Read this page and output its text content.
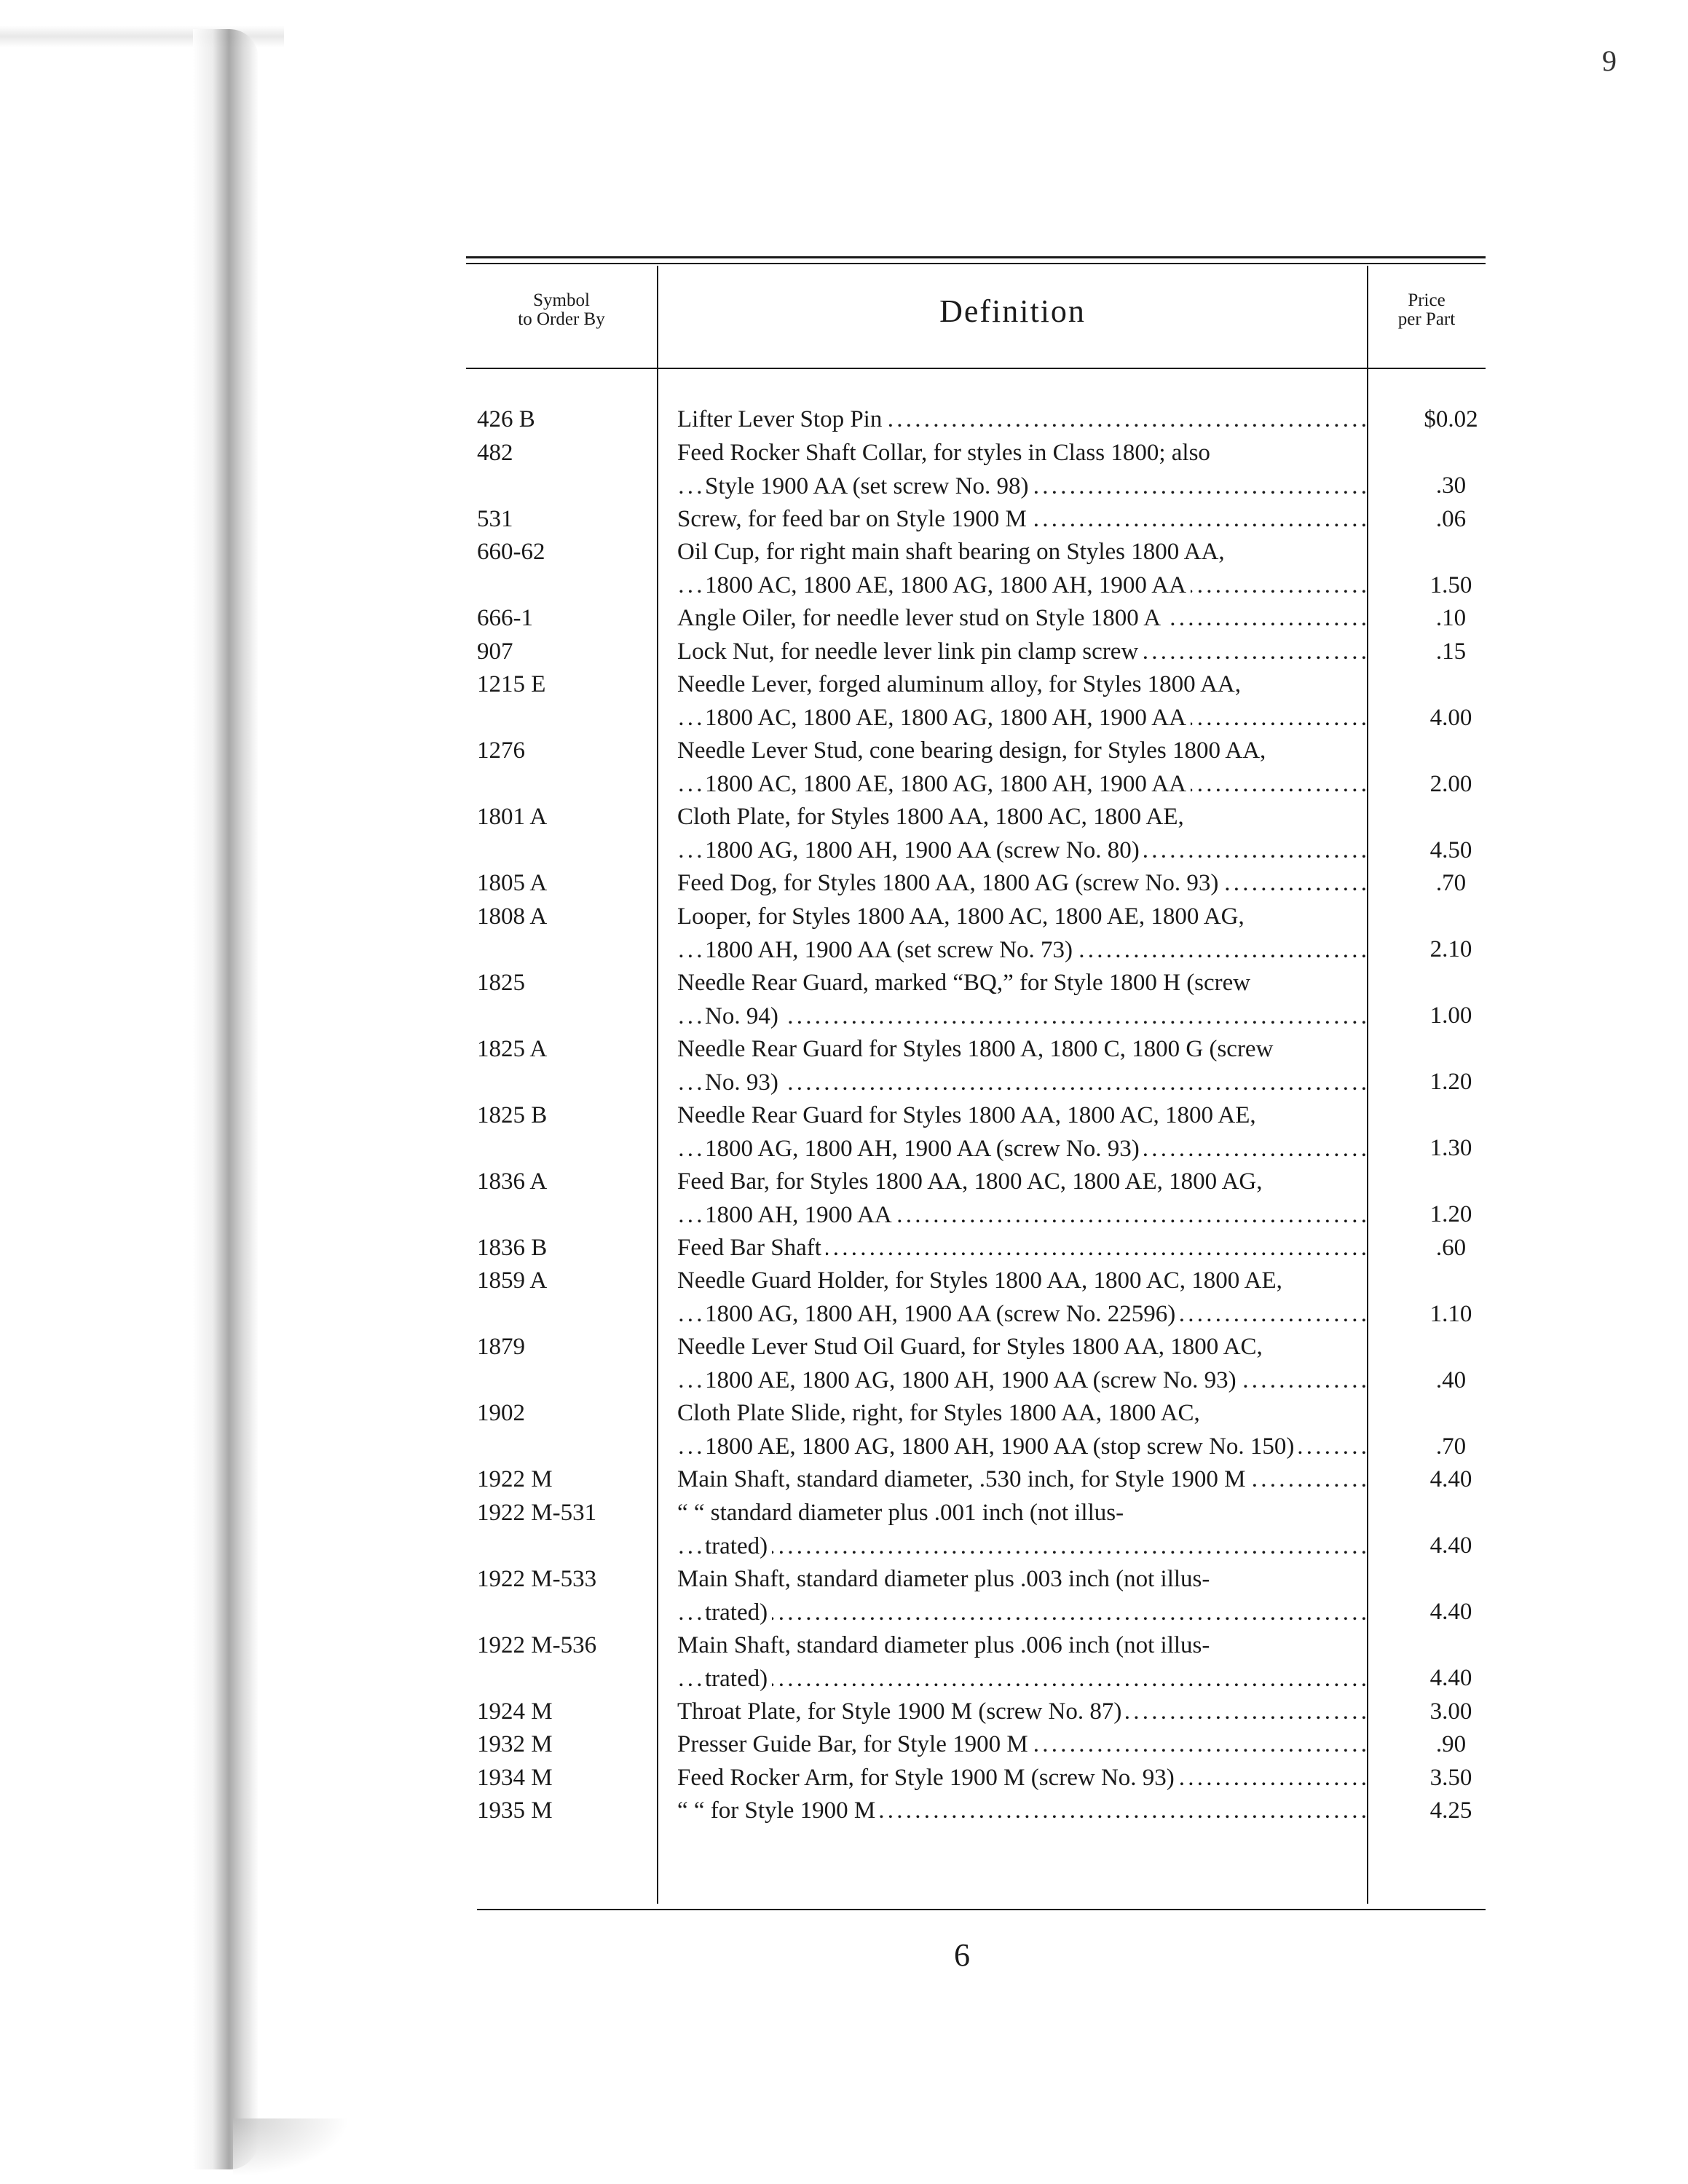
9
Symbol
to Order By	Definition	Price
per Part
426 B	Lifter Lever Stop Pin . . .	$0.02
482	Feed Rocker Shaft Collar, for styles in Class 1800; also
Style 1900 AA (set screw No. 98) . . .	.30
531	Screw, for feed bar on Style 1900 M . . .	.06
660-62	Oil Cup, for right main shaft bearing on Styles 1800 AA,
1800 AC, 1800 AE, 1800 AG, 1800 AH, 1900 AA . . .	1.50
666-1	Angle Oiler, for needle lever stud on Style 1800 A . . .	.10
907	Lock Nut, for needle lever link pin clamp screw . . .	.15
1215 E	Needle Lever, forged aluminum alloy, for Styles 1800 AA,
1800 AC, 1800 AE, 1800 AG, 1800 AH, 1900 AA . . .	4.00
1276	Needle Lever Stud, cone bearing design, for Styles 1800 AA,
1800 AC, 1800 AE, 1800 AG, 1800 AH, 1900 AA . . .	2.00
1801 A	Cloth Plate, for Styles 1800 AA, 1800 AC, 1800 AE,
1800 AG, 1800 AH, 1900 AA (screw No. 80) . . .	4.50
1805 A	Feed Dog, for Styles 1800 AA, 1800 AG (screw No. 93) . . .	.70
1808 A	Looper, for Styles 1800 AA, 1800 AC, 1800 AE, 1800 AG,
1800 AH, 1900 AA (set screw No. 73) . . .	2.10
1825	Needle Rear Guard, marked “BQ,” for Style 1800 H (screw
No. 94) . . .	1.00
1825 A	Needle Rear Guard for Styles 1800 A, 1800 C, 1800 G (screw
No. 93) . . .	1.20
1825 B	Needle Rear Guard for Styles 1800 AA, 1800 AC, 1800 AE,
1800 AG, 1800 AH, 1900 AA (screw No. 93) . . .	1.30
1836 A	Feed Bar, for Styles 1800 AA, 1800 AC, 1800 AE, 1800 AG,
1800 AH, 1900 AA . . .	1.20
1836 B	Feed Bar Shaft . . .	.60
1859 A	Needle Guard Holder, for Styles 1800 AA, 1800 AC, 1800 AE,
1800 AG, 1800 AH, 1900 AA (screw No. 22596) . . .	1.10
1879	Needle Lever Stud Oil Guard, for Styles 1800 AA, 1800 AC,
1800 AE, 1800 AG, 1800 AH, 1900 AA (screw No. 93) . . .	.40
1902	Cloth Plate Slide, right, for Styles 1800 AA, 1800 AC,
1800 AE, 1800 AG, 1800 AH, 1900 AA (stop screw No. 150) . . .	.70
1922 M	Main Shaft, standard diameter, .530 inch, for Style 1900 M . . .	4.40
1922 M-531	“ “ standard diameter plus .001 inch (not illus-
trated) . . .	4.40
1922 M-533	Main Shaft, standard diameter plus .003 inch (not illus-
trated) . . .	4.40
1922 M-536	Main Shaft, standard diameter plus .006 inch (not illus-
trated) . . .	4.40
1924 M	Throat Plate, for Style 1900 M (screw No. 87) . . .	3.00
1932 M	Presser Guide Bar, for Style 1900 M . . .	.90
1934 M	Feed Rocker Arm, for Style 1900 M (screw No. 93) . . .	3.50
1935 M	“ “ for Style 1900 M . . .	4.25
6
